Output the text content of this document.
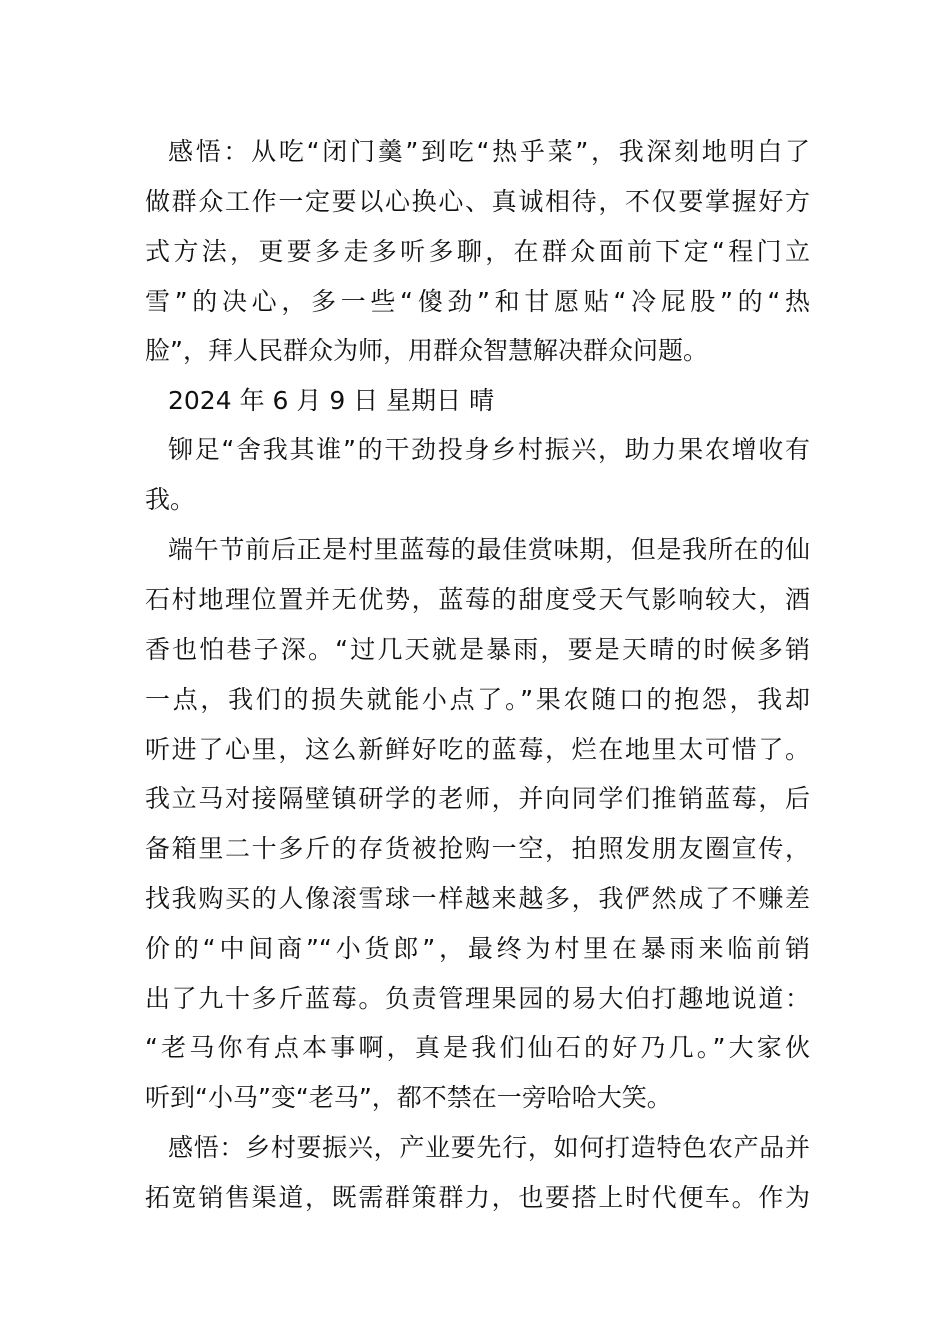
感悟：从吃“闭门羹”到吃“热乎菜”，我深刻地明白了
做群众工作一定要以心换心、真诚相待，不仅要掌握好方
式方法，更要多走多听多聊，在群众面前下定“程门立
雪”的决心，多一些“傻劲”和甘愿贴“冷屁股”的“热
脸”，拜人民群众为师，用群众智慧解决群众问题。
2024 年 6 月 9 日 星期日 晴
铆足“舍我其谁”的干劲投身乡村振兴，助力果农增收有
我。
端午节前后正是村里蓝莓的最佳赏味期，但是我所在的仙
石村地理位置并无优势，蓝莓的甜度受天气影响较大，酒
香也怕巷子深。“过几天就是暴雨，要是天晴的时候多销
一点，我们的损失就能小点了。”果农随口的抱怨，我却
听进了心里，这么新鲜好吃的蓝莓，烂在地里太可惜了。
我立马对接隔壁镇研学的老师，并向同学们推销蓝莓，后
备箱里二十多斤的存货被抢购一空，拍照发朋友圈宣传，
找我购买的人像滚雪球一样越来越多，我俨然成了不赚差
价的“中间商”“小货郎”，最终为村里在暴雨来临前销
出了九十多斤蓝莓。负责管理果园的易大伯打趣地说道：
“老马你有点本事啊，真是我们仙石的好乃几。”大家伙
听到“小马”变“老马”，都不禁在一旁哈哈大笑。
感悟：乡村要振兴，产业要先行，如何打造特色农产品并
拓宽销售渠道，既需群策群力，也要搭上时代便车。作为
